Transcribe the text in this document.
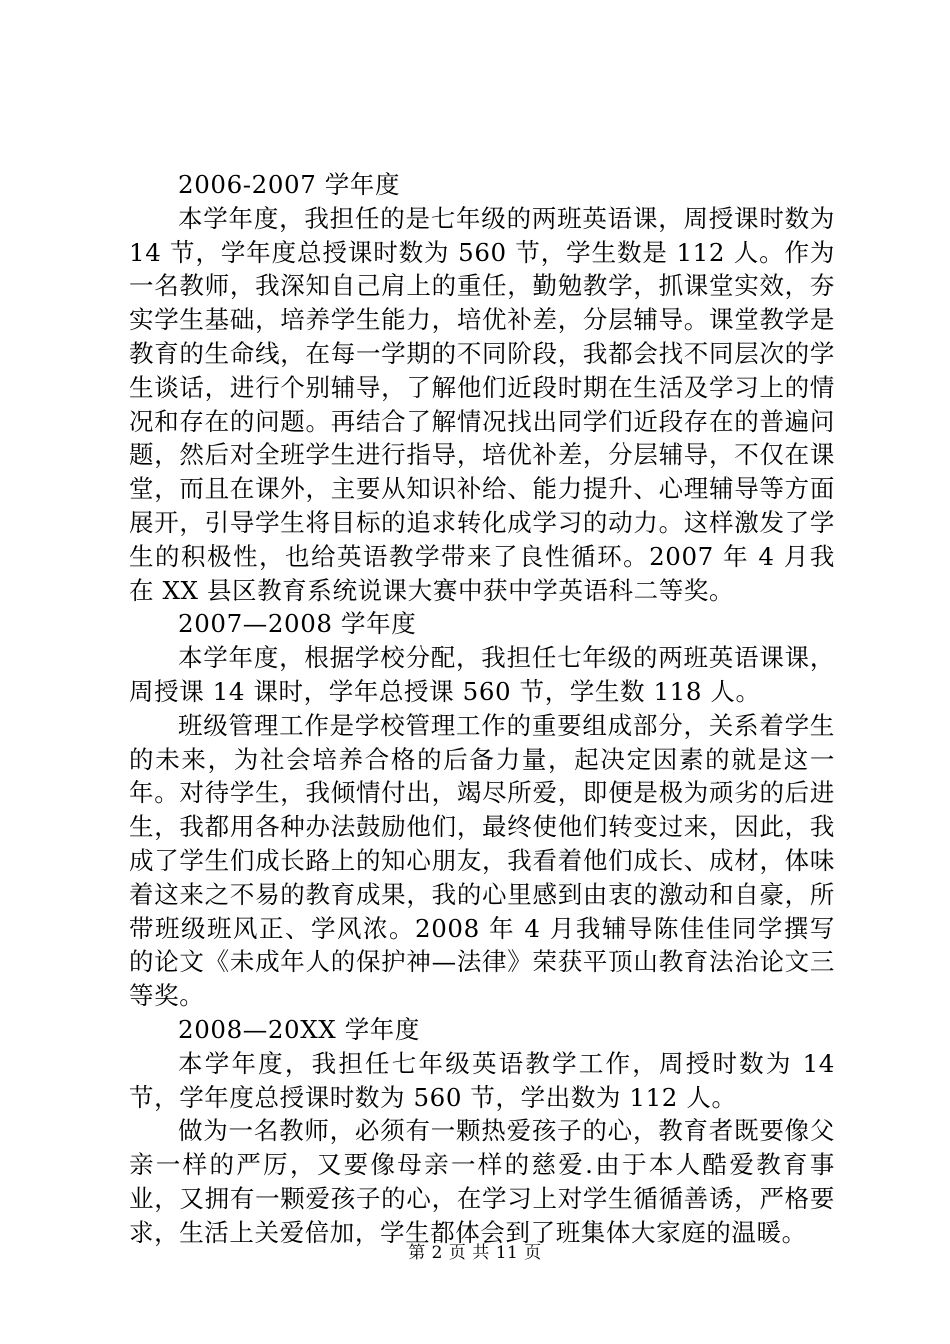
2006-2007 学年度

本学年度，我担任的是七年级的两班英语课，周授课时数为 14 节，学年度总授课时数为 560 节，学生数是 112 人。作为一名教师，我深知自己肩上的重任，勤勉教学，抓课堂实效，夯实学生基础，培养学生能力，培优补差，分层辅导。课堂教学是教育的生命线，在每一学期的不同阶段，我都会找不同层次的学生谈话，进行个别辅导，了解他们近段时期在生活及学习上的情况和存在的问题。再结合了解情况找出同学们近段存在的普遍问题，然后对全班学生进行指导，培优补差，分层辅导，不仅在课堂，而且在课外，主要从知识补给、能力提升、心理辅导等方面展开，引导学生将目标的追求转化成学习的动力。这样激发了学生的积极性，也给英语教学带来了良性循环。2007 年 4 月我在 XX 县区教育系统说课大赛中获中学英语科二等奖。

2007—2008 学年度

本学年度，根据学校分配，我担任七年级的两班英语课课，周授课 14 课时，学年总授课 560 节，学生数 118 人。

班级管理工作是学校管理工作的重要组成部分，关系着学生的未来，为社会培养合格的后备力量，起决定因素的就是这一年。对待学生，我倾情付出，竭尽所爱，即便是极为顽劣的后进生，我都用各种办法鼓励他们，最终使他们转变过来，因此，我成了学生们成长路上的知心朋友，我看着他们成长、成材，体味着这来之不易的教育成果，我的心里感到由衷的激动和自豪，所带班级班风正、学风浓。2008 年 4 月我辅导陈佳佳同学撰写的论文《未成年人的保护神—法律》荣获平顶山教育法治论文三等奖。

2008—20XX 学年度

本学年度，我担任七年级英语教学工作，周授时数为 14 节，学年度总授课时数为 560 节，学出数为 112 人。

做为一名教师，必须有一颗热爱孩子的心，教育者既要像父亲一样的严厉，又要像母亲一样的慈爱.由于本人酷爱教育事业，又拥有一颗爱孩子的心，在学习上对学生循循善诱，严格要求，生活上关爱倍加，学生都体会到了班集体大家庭的温暖。

第 2 页 共 11 页
